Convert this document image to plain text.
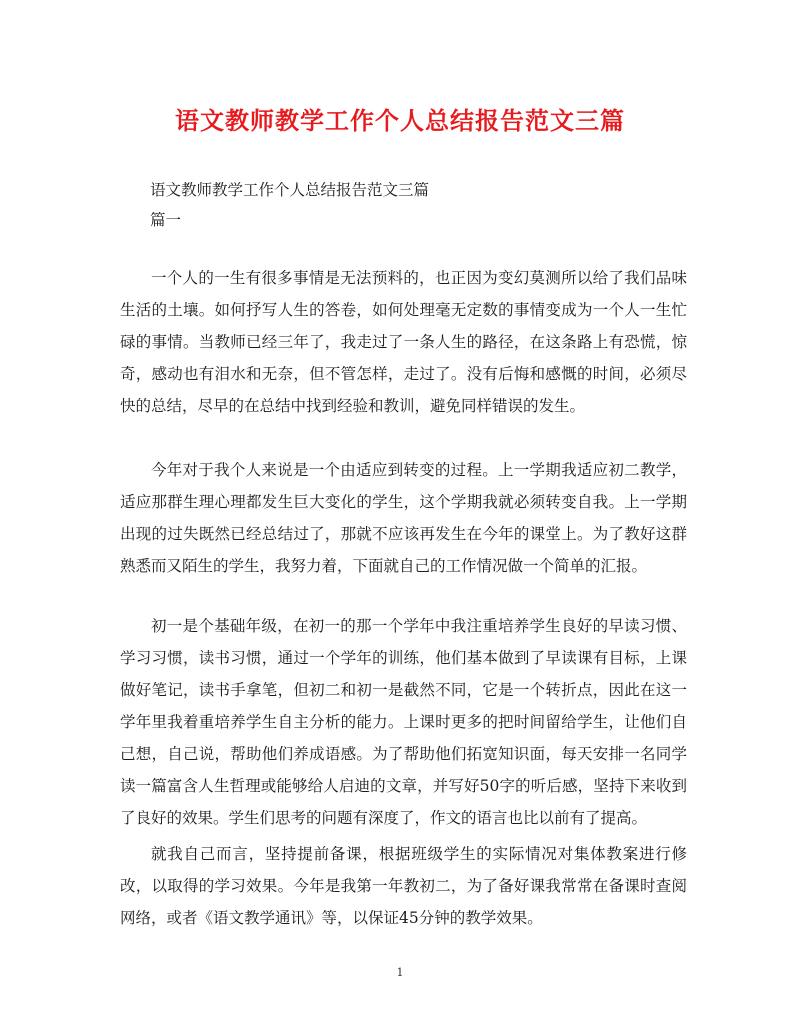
语文教师教学工作个人总结报告范文三篇
语文教师教学工作个人总结报告范文三篇
篇一

一个人的一生有很多事情是无法预料的，也正因为变幻莫测所以给了我们品味生活的土壤。如何抒写人生的答卷，如何处理毫无定数的事情变成为一个人一生忙碌的事情。当教师已经三年了，我走过了一条人生的路径，在这条路上有恐慌，惊奇，感动也有泪水和无奈，但不管怎样，走过了。没有后悔和感慨的时间，必须尽快的总结，尽早的在总结中找到经验和教训，避免同样错误的发生。

今年对于我个人来说是一个由适应到转变的过程。上一学期我适应初二教学，适应那群生理心理都发生巨大变化的学生，这个学期我就必须转变自我。上一学期出现的过失既然已经总结过了，那就不应该再发生在今年的课堂上。为了教好这群熟悉而又陌生的学生，我努力着，下面就自己的工作情况做一个简单的汇报。

初一是个基础年级，在初一的那一个学年中我注重培养学生良好的早读习惯、学习习惯，读书习惯，通过一个学年的训练，他们基本做到了早读课有目标，上课做好笔记，读书手拿笔，但初二和初一是截然不同，它是一个转折点，因此在这一学年里我着重培养学生自主分析的能力。上课时更多的把时间留给学生，让他们自己想，自己说，帮助他们养成语感。为了帮助他们拓宽知识面，每天安排一名同学读一篇富含人生哲理或能够给人启迪的文章，并写好50字的听后感，坚持下来收到了良好的效果。学生们思考的问题有深度了，作文的语言也比以前有了提高。

就我自己而言，坚持提前备课，根据班级学生的实际情况对集体教案进行修改，以取得的学习效果。今年是我第一年教初二，为了备好课我常常在备课时查阅网络，或者《语文教学通讯》等，以保证45分钟的教学效果。

1
